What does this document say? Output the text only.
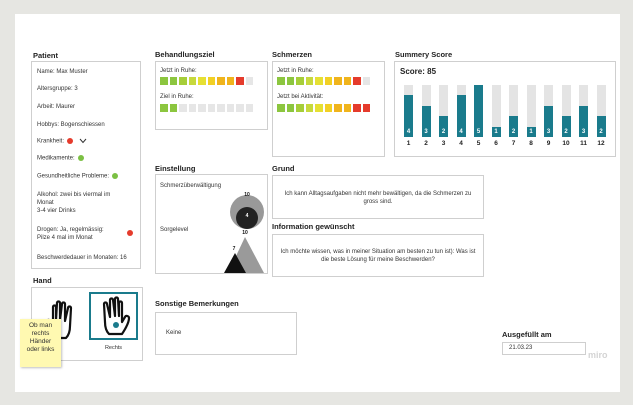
Patient
Name: Max Muster
Altersgruppe: 3
Arbeit: Maurer
Hobbys: Bogenschiessen
Krankheit:
Medikamente:
Gesundheitliche Probleme:
Alkohol: zwei bis viermal im
Monat
3-4 vier Drinks
Drogen: Ja, regelmässig:
Pilze 4 mal im Monat
Beschwerdedauer in Monaten: 16
Behandlungsziel
Jetzt in Ruhe:
Ziel in Ruhe:
Schmerzen
Jetzt in Ruhe:
Jetzt bei Aktivität:
Summery Score
Score: 85
4
1
3
2
2
3
4
4
5
5
1
6
2
7
1
8
3
9
2
10
3
11
2
12
Einstellung
Schmerzüberwältigung
Sorgelevel
10
4
10
7
Grund
Ich kann Alltagsaufgaben nicht mehr bewältigen, da die Schmerzen zu gross sind.
Information gewünscht
Ich möchte wissen, was in meiner Situation am besten zu tun ist): Was ist die beste Lösung für meine Beschwerden?
Hand
Rechts
Ob man
rechts
Händer
oder links
Sonstige Bemerkungen
Keine	Ausgefüllt am
21.03.23
miro
